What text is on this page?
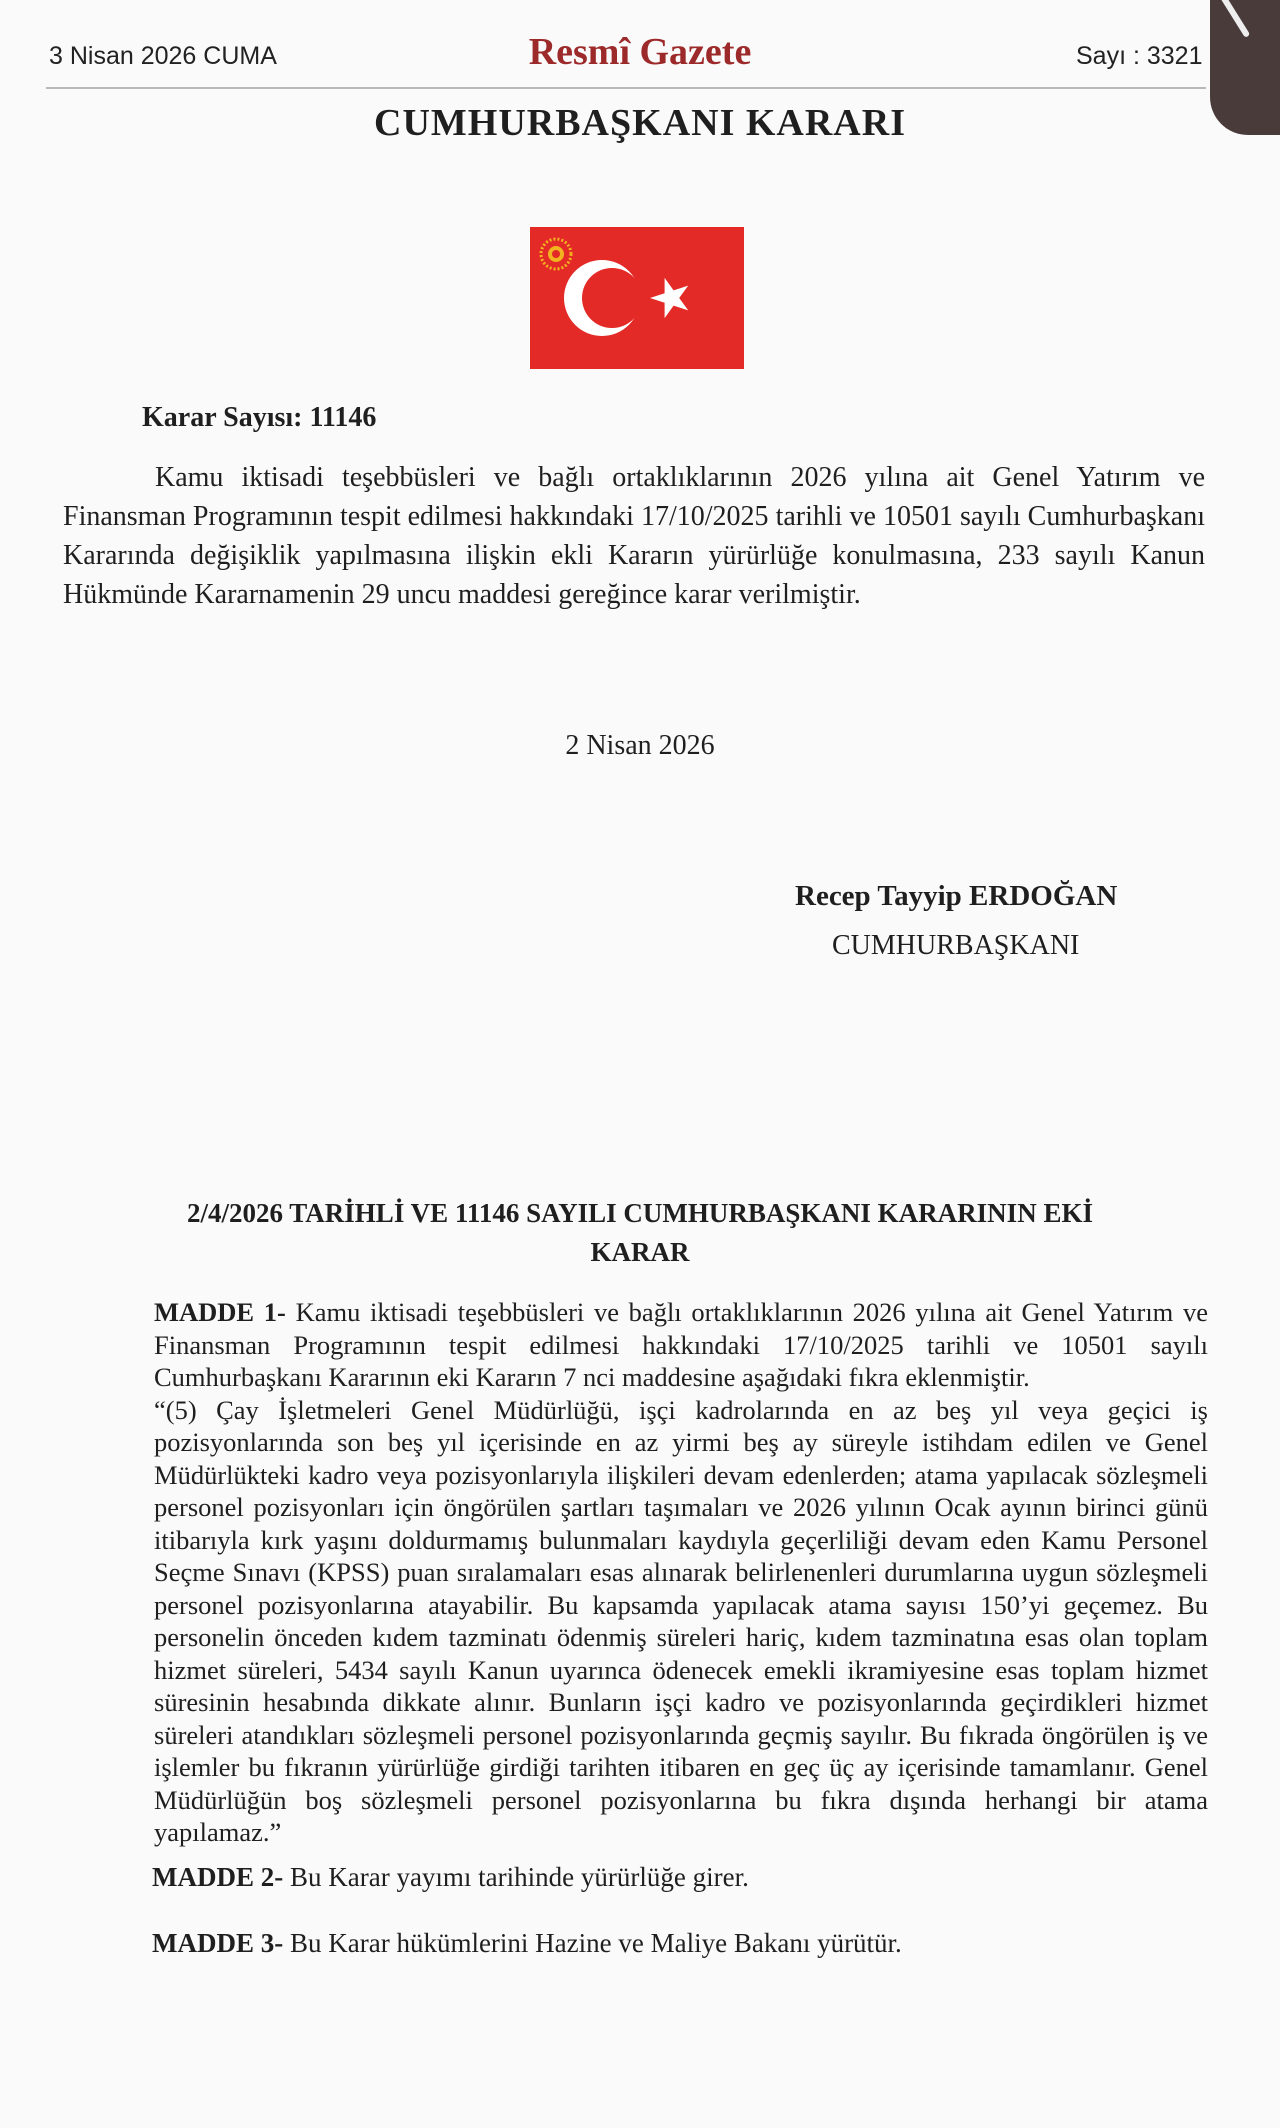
3 Nisan 2026 CUMA	Resmî Gazete	Sayı : 3321
CUMHURBAŞKANI KARARI
Karar Sayısı: 11146

Kamu iktisadi teşebbüsleri ve bağlı ortaklıklarının 2026 yılına ait Genel Yatırım ve Finansman Programının tespit edilmesi hakkındaki 17/10/2025 tarihli ve 10501 sayılı Cumhurbaşkanı Kararında değişiklik yapılmasına ilişkin ekli Kararın yürürlüğe konulmasına, 233 sayılı Kanun Hükmünde Kararnamenin 29 uncu maddesi gereğince karar verilmiştir.

2 Nisan 2026
Recep Tayyip ERDOĞAN
CUMHURBAŞKANI
2/4/2026 TARİHLİ VE 11146 SAYILI CUMHURBAŞKANI KARARININ EKİ
KARAR

MADDE 1- Kamu iktisadi teşebbüsleri ve bağlı ortaklıklarının 2026 yılına ait Genel Yatırım ve Finansman Programının tespit edilmesi hakkındaki 17/10/2025 tarihli ve 10501 sayılı Cumhurbaşkanı Kararının eki Kararın 7 nci maddesine aşağıdaki fıkra eklenmiştir.

“(5) Çay İşletmeleri Genel Müdürlüğü, işçi kadrolarında en az beş yıl veya geçici iş pozisyonlarında son beş yıl içerisinde en az yirmi beş ay süreyle istihdam edilen ve Genel Müdürlükteki kadro veya pozisyonlarıyla ilişkileri devam edenlerden; atama yapılacak sözleşmeli personel pozisyonları için öngörülen şartları taşımaları ve 2026 yılının Ocak ayının birinci günü itibarıyla kırk yaşını doldurmamış bulunmaları kaydıyla geçerliliği devam eden Kamu Personel Seçme Sınavı (KPSS) puan sıralamaları esas alınarak belirlenenleri durumlarına uygun sözleşmeli personel pozisyonlarına atayabilir. Bu kapsamda yapılacak atama sayısı 150’yi geçemez. Bu personelin önceden kıdem tazminatı ödenmiş süreleri hariç, kıdem tazminatına esas olan toplam hizmet süreleri, 5434 sayılı Kanun uyarınca ödenecek emekli ikramiyesine esas toplam hizmet süresinin hesabında dikkate alınır. Bunların işçi kadro ve pozisyonlarında geçirdikleri hizmet süreleri atandıkları sözleşmeli personel pozisyonlarında geçmiş sayılır. Bu fıkrada öngörülen iş ve işlemler bu fıkranın yürürlüğe girdiği tarihten itibaren en geç üç ay içerisinde tamamlanır. Genel Müdürlüğün boş sözleşmeli personel pozisyonlarına bu fıkra dışında herhangi bir atama yapılamaz.”

MADDE 2- Bu Karar yayımı tarihinde yürürlüğe girer.
MADDE 3- Bu Karar hükümlerini Hazine ve Maliye Bakanı yürütür.
